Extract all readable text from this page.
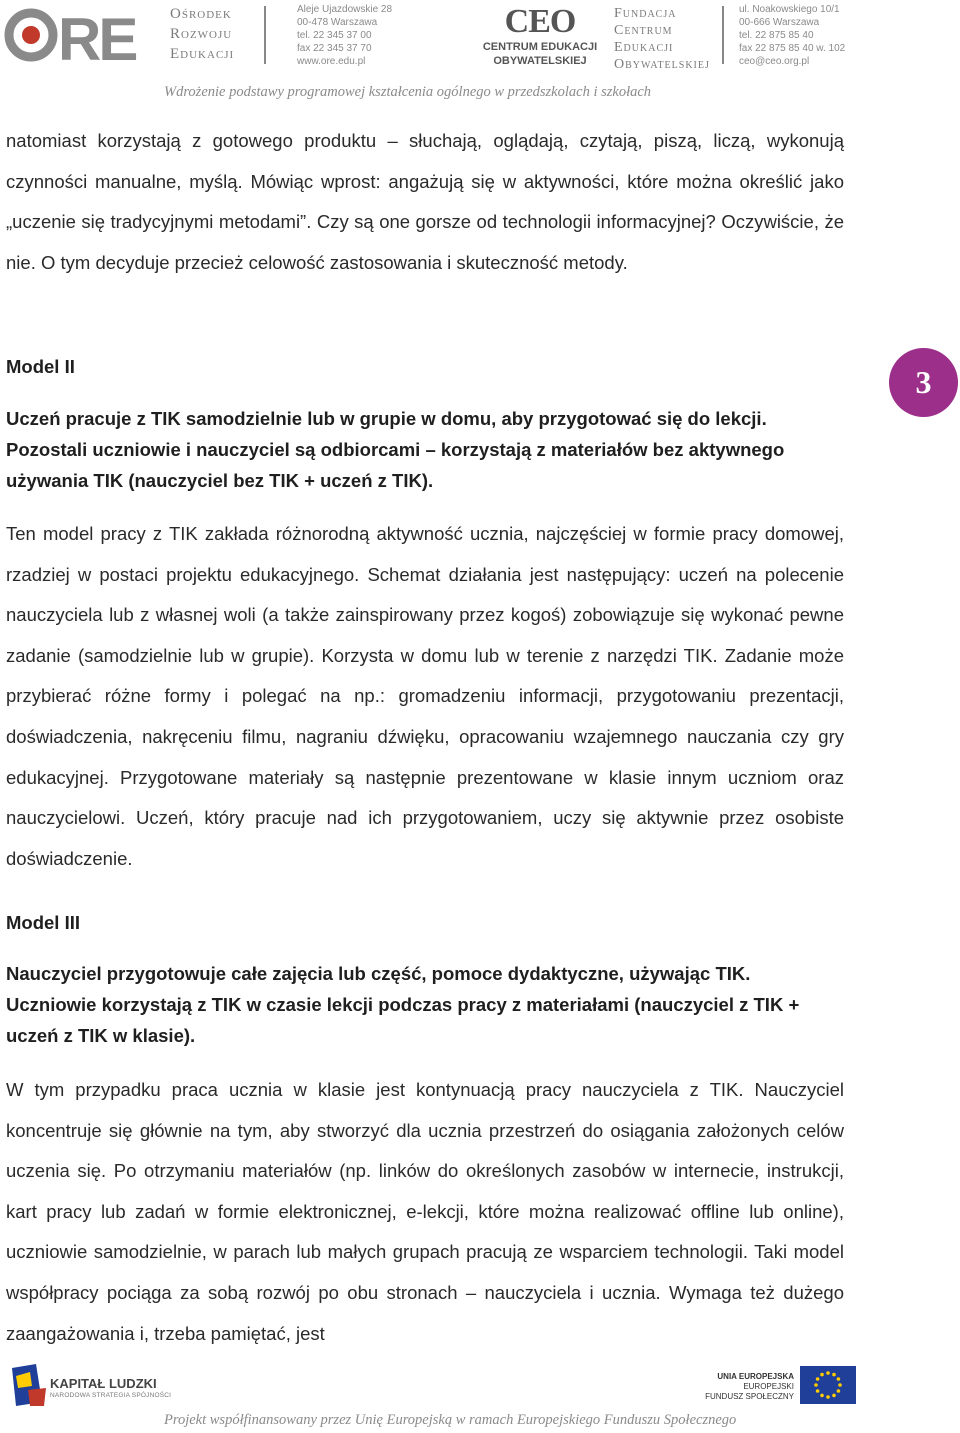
RE Ośrodek
Rozwoju
Edukacji
Aleje Ujazdowskie 28
00-478 Warszawa
tel. 22 345 37 00
fax 22 345 37 70
www.ore.edu.pl
CEO
CENTRUM EDUKACJI
OBYWATELSKIEJ
Fundacja
Centrum
Edukacji
Obywatelskiej
ul. Noakowskiego 10/1
00-666 Warszawa
tel. 22 875 85 40
fax 22 875 85 40 w. 102
ceo@ceo.org.pl
Wdrożenie podstawy programowej kształcenia ogólnego w przedszkolach i szkołach
3

natomiast korzystają z gotowego produktu – słuchają, oglądają, czytają, piszą, liczą, wykonują czynności manualne, myślą. Mówiąc wprost: angażują się w aktywności, które można określić jako „uczenie się tradycyjnymi metodami”. Czy są one gorsze od technologii informacyjnej? Oczywiście, że nie. O tym decyduje przecież celowość zastosowania i skuteczność metody.

Model II

Uczeń pracuje z TIK samodzielnie lub w grupie w domu, aby przygotować się do lekcji. Pozostali uczniowie i nauczyciel są odbiorcami – korzystają z materiałów bez aktywnego używania TIK (nauczyciel bez TIK + uczeń z TIK).

Ten model pracy z TIK zakłada różnorodną aktywność ucznia, najczęściej w formie pracy domowej, rzadziej w postaci projektu edukacyjnego. Schemat działania jest następujący: uczeń na polecenie nauczyciela lub z własnej woli (a także zainspirowany przez kogoś) zobowiązuje się wykonać pewne zadanie (samodzielnie lub w grupie). Korzysta w domu lub w terenie z narzędzi TIK. Zadanie może przybierać różne formy i polegać na np.: gromadzeniu informacji, przygotowaniu prezentacji, doświadczenia, nakręceniu filmu, nagraniu dźwięku, opracowaniu wzajemnego nauczania czy gry edukacyjnej. Przygotowane materiały są następnie prezentowane w klasie innym uczniom oraz nauczycielowi. Uczeń, który pracuje nad ich przygotowaniem, uczy się aktywnie przez osobiste doświadczenie.

Model III

Nauczyciel przygotowuje całe zajęcia lub część, pomoce dydaktyczne, używając TIK. Uczniowie korzystają z TIK w czasie lekcji podczas pracy z materiałami (nauczyciel z TIK + uczeń z TIK w klasie).

W tym przypadku praca ucznia w klasie jest kontynuacją pracy nauczyciela z TIK. Nauczyciel koncentruje się głównie na tym, aby stworzyć dla ucznia przestrzeń do osiągania założonych celów uczenia się. Po otrzymaniu materiałów (np. linków do określonych zasobów w internecie, instrukcji, kart pracy lub zadań w formie elektronicznej, e-lekcji, które można realizować offline lub online), uczniowie samodzielnie, w parach lub małych grupach pracują ze wsparciem technologii. Taki model współpracy pociąga za sobą rozwój po obu stronach – nauczyciela i ucznia. Wymaga też dużego zaangażowania i, trzeba pamiętać, jest

KAPITAŁ LUDZKI
NARODOWA STRATEGIA SPÓJNOŚCI
UNIA EUROPEJSKA
EUROPEJSKI
FUNDUSZ SPOŁECZNY
Projekt współfinansowany przez Unię Europejską w ramach Europejskiego Funduszu Społecznego
